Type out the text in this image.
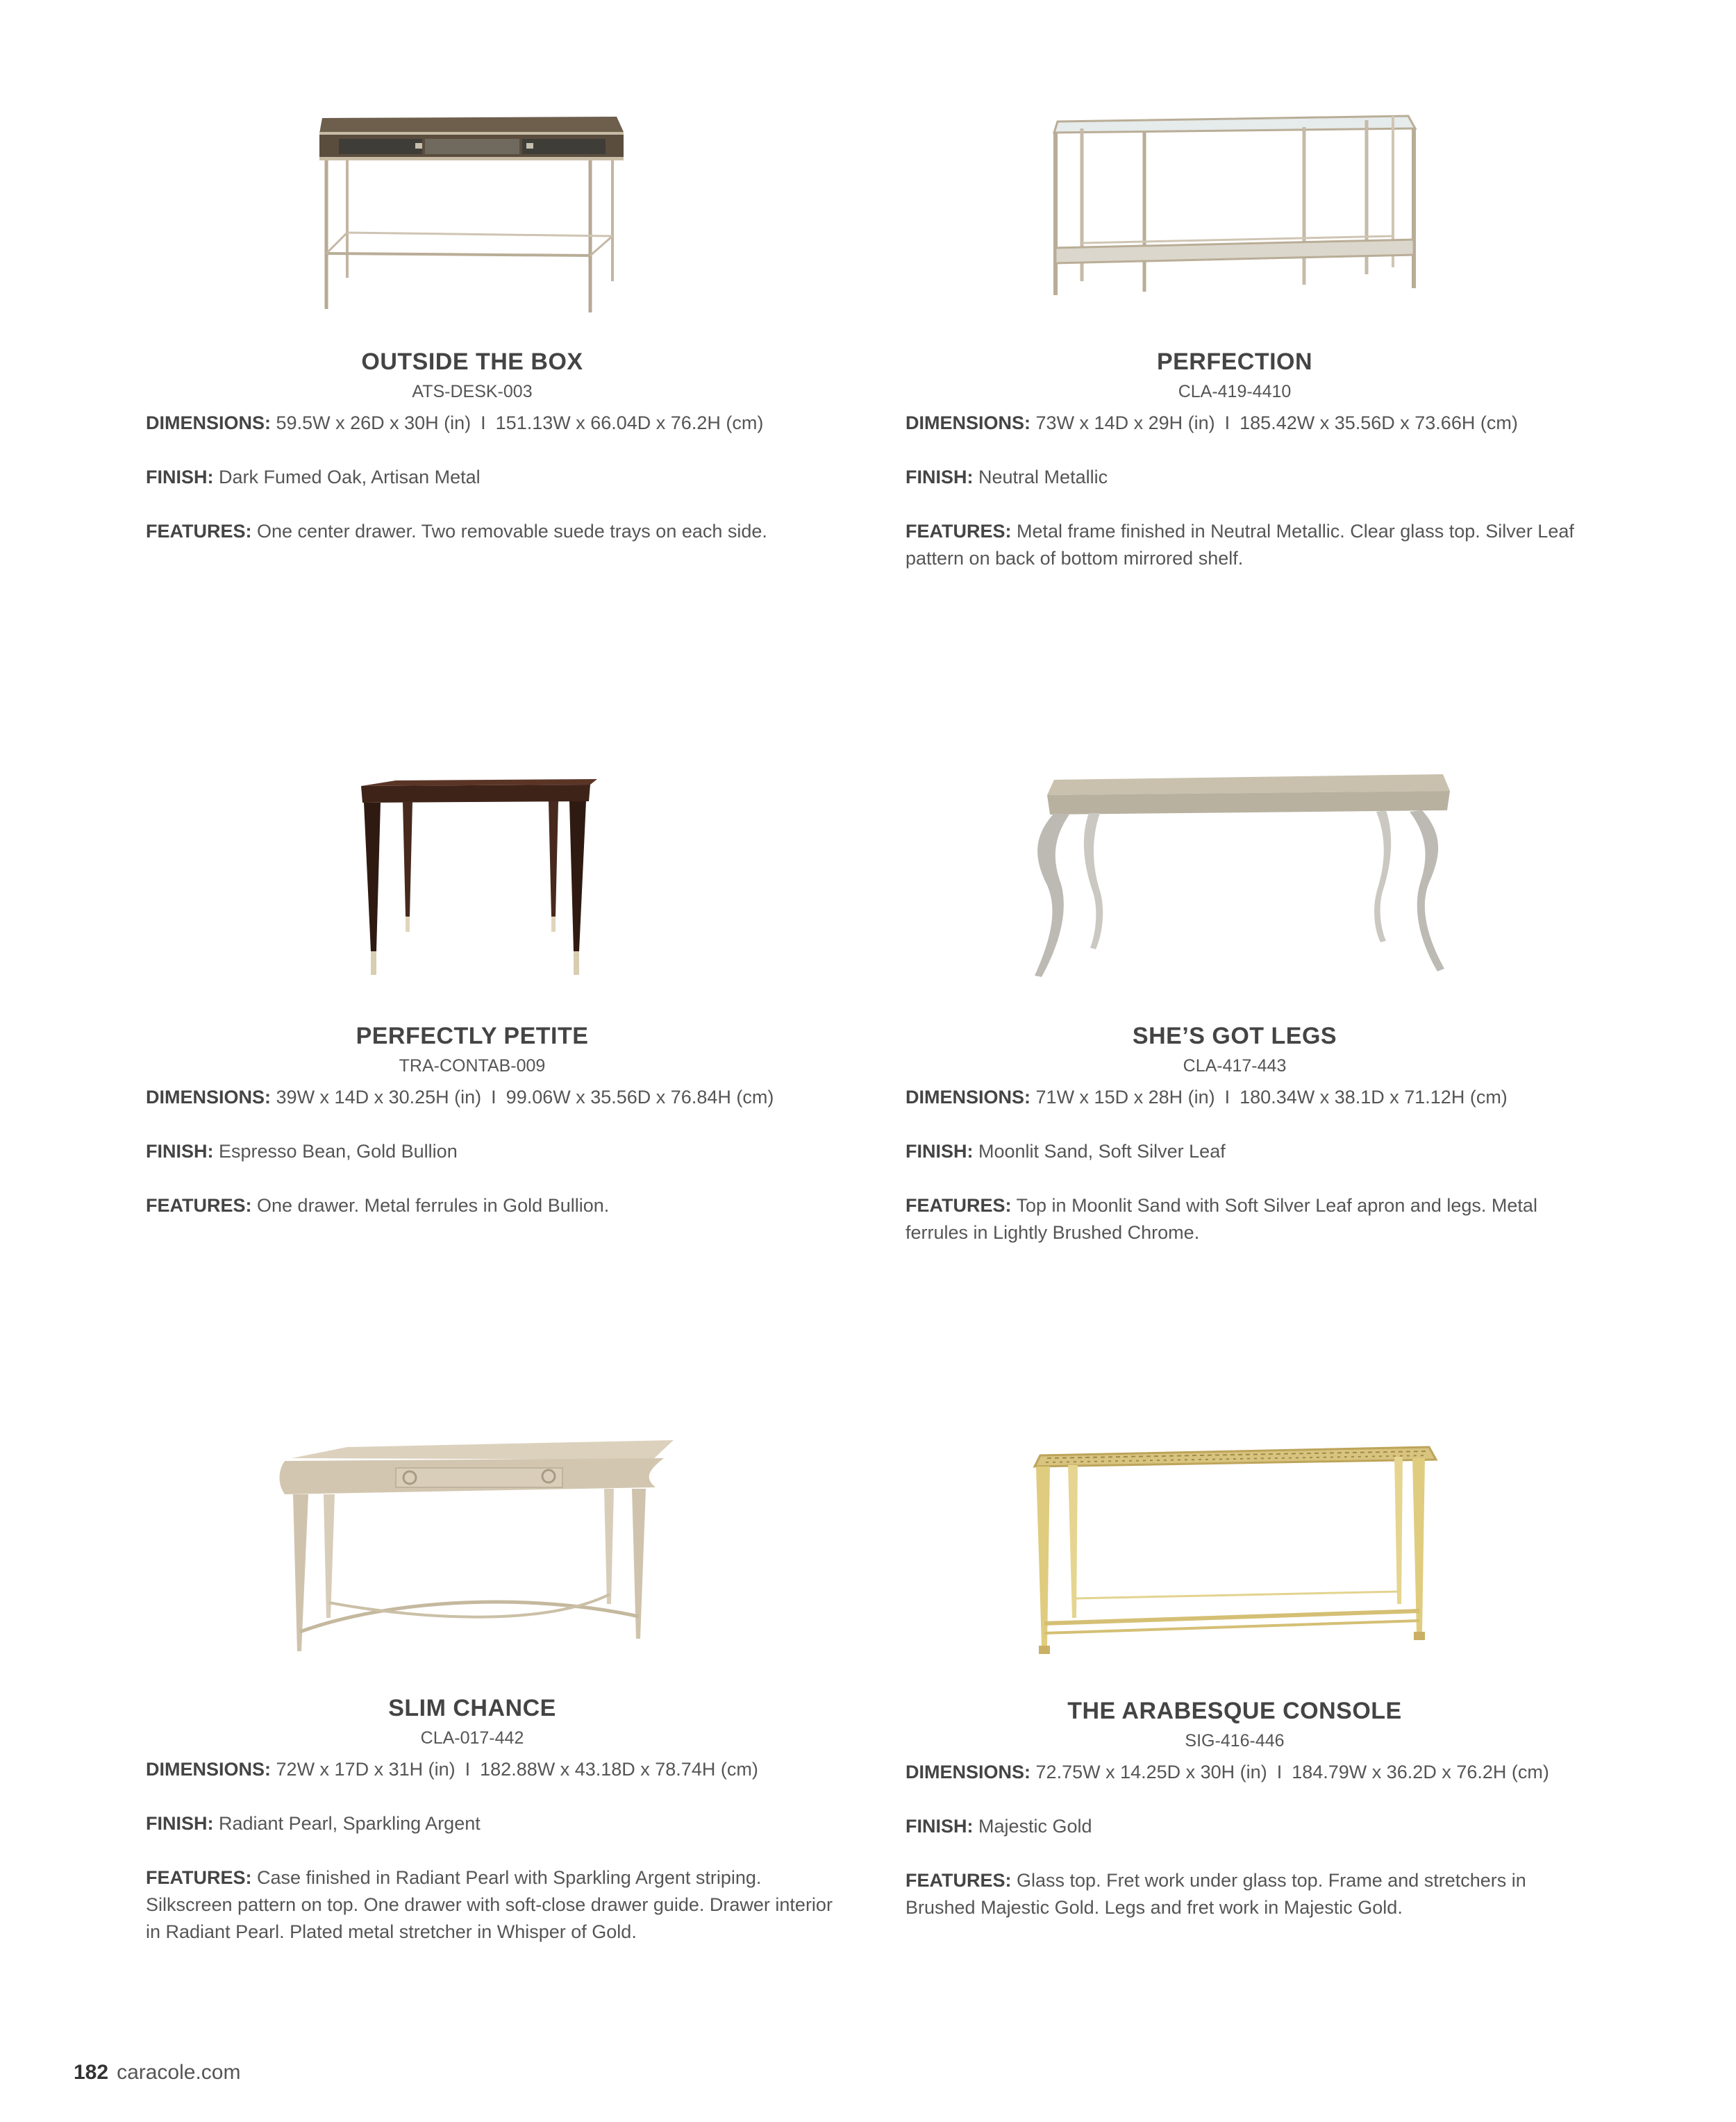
OUTSIDE THE BOX
ATS-DESK-003
DIMENSIONS: 59.5W x 26D x 30H (in) I 151.13W x 66.04D x 76.2H (cm)
FINISH: Dark Fumed Oak, Artisan Metal
FEATURES: One center drawer. Two removable suede trays on each side.
PERFECTION
CLA-419-4410
DIMENSIONS: 73W x 14D x 29H (in) I 185.42W x 35.56D x 73.66H (cm)
FINISH: Neutral Metallic
FEATURES: Metal frame finished in Neutral Metallic. Clear glass top. Silver Leaf pattern on back of bottom mirrored shelf.
PERFECTLY PETITE
TRA-CONTAB-009
DIMENSIONS: 39W x 14D x 30.25H (in) I 99.06W x 35.56D x 76.84H (cm)
FINISH: Espresso Bean, Gold Bullion
FEATURES: One drawer. Metal ferrules in Gold Bullion.
SHE’S GOT LEGS
CLA-417-443
DIMENSIONS: 71W x 15D x 28H (in) I 180.34W x 38.1D x 71.12H (cm)
FINISH: Moonlit Sand, Soft Silver Leaf
FEATURES: Top in Moonlit Sand with Soft Silver Leaf apron and legs. Metal ferrules in Lightly Brushed Chrome.
SLIM CHANCE
CLA-017-442
DIMENSIONS: 72W x 17D x 31H (in) I 182.88W x 43.18D x 78.74H (cm)
FINISH: Radiant Pearl, Sparkling Argent
FEATURES: Case finished in Radiant Pearl with Sparkling Argent striping. Silkscreen pattern on top. One drawer with soft-close drawer guide. Drawer interior in Radiant Pearl. Plated metal stretcher in Whisper of Gold.
THE ARABESQUE CONSOLE
SIG-416-446
DIMENSIONS: 72.75W x 14.25D x 30H (in) I 184.79W x 36.2D x 76.2H (cm)
FINISH: Majestic Gold
FEATURES: Glass top. Fret work under glass top. Frame and stretchers in Brushed Majestic Gold. Legs and fret work in Majestic Gold.
182 caracole.com
